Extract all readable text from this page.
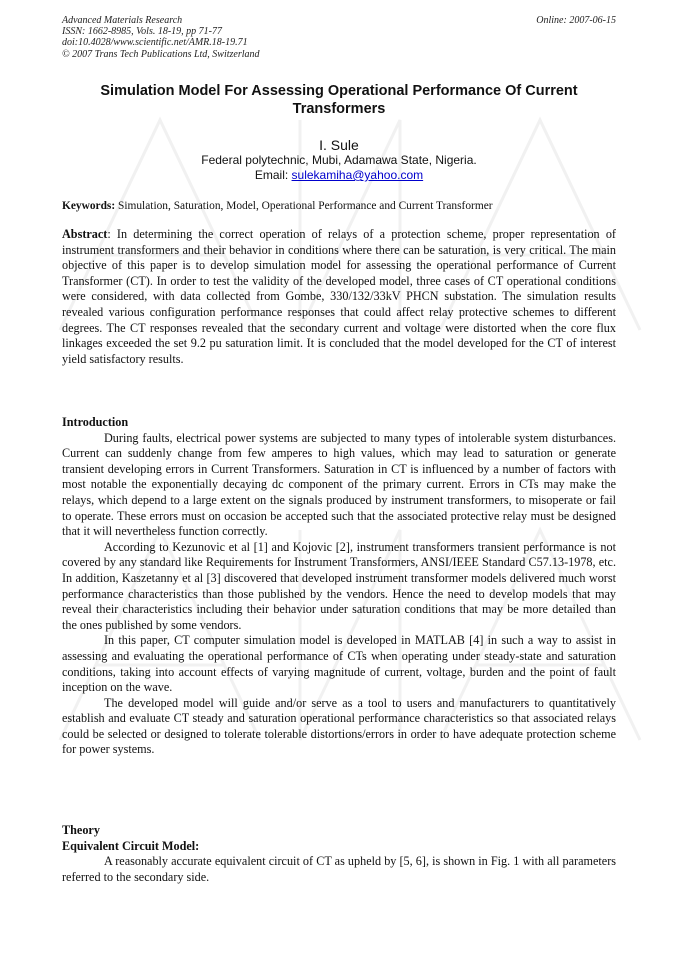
Advanced Materials Research
ISSN: 1662-8985, Vols. 18-19, pp 71-77
doi:10.4028/www.scientific.net/AMR.18-19.71
© 2007 Trans Tech Publications Ltd, Switzerland
Online: 2007-06-15
Simulation Model For Assessing Operational Performance Of Current Transformers
I. Sule
Federal polytechnic, Mubi, Adamawa State, Nigeria.
Email: sulekamiha@yahoo.com
Keywords: Simulation, Saturation, Model, Operational Performance and Current Transformer
Abstract: In determining the correct operation of relays of a protection scheme, proper representation of instrument transformers and their behavior in conditions where there can be saturation, is very critical. The main objective of this paper is to develop simulation model for assessing the operational performance of Current Transformer (CT). In order to test the validity of the developed model, three cases of CT operational conditions were considered, with data collected from Gombe, 330/132/33kV PHCN substation. The simulation results revealed various configuration performance responses that could affect relay protective schemes to different degrees. The CT responses revealed that the secondary current and voltage were distorted when the core flux linkages exceeded the set 9.2 pu saturation limit. It is concluded that the model developed for the CT of interest yield satisfactory results.
Introduction

During faults, electrical power systems are subjected to many types of intolerable system disturbances. Current can suddenly change from few amperes to high values, which may lead to saturation or generate transient developing errors in Current Transformers. Saturation in CT is influenced by a number of factors with most notable the exponentially decaying dc component of the primary current. Errors in CTs may make the relays, which depend to a large extent on the signals produced by instrument transformers, to misoperate or fail to operate. These errors must on occasion be accepted such that the associated protective relay must be designed that it will nevertheless function correctly.

According to Kezunovic et al [1] and Kojovic [2], instrument transformers transient performance is not covered by any standard like Requirements for Instrument Transformers, ANSI/IEEE Standard C57.13-1978, etc. In addition, Kaszetanny et al [3] discovered that developed instrument transformer models delivered much worst performance characteristics than those published by the vendors. Hence the need to develop models that may reveal their characteristics including their behavior under saturation conditions that may be more detailed than the ones published by some vendors.

In this paper, CT computer simulation model is developed in MATLAB [4] in such a way to assist in assessing and evaluating the operational performance of CTs when operating under steady-state and saturation conditions, taking into account effects of varying magnitude of current, voltage, burden and the point of fault inception on the wave.

The developed model will guide and/or serve as a tool to users and manufacturers to quantitatively establish and evaluate CT steady and saturation operational performance characteristics so that associated relays could be selected or designed to tolerate tolerable distortions/errors in order to have adequate protection scheme for power systems.

Theory
Equivalent Circuit Model:

A reasonably accurate equivalent circuit of CT as upheld by [5, 6], is shown in Fig. 1 with all parameters referred to the secondary side.
